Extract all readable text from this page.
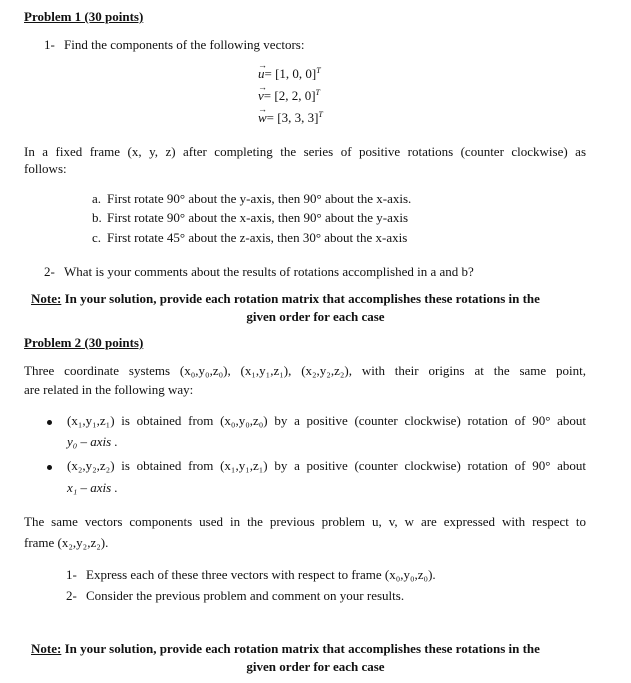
Problem 1 (30 points)
1- Find the components of the following vectors:
→ u= [1, 0, 0]$^T$
→ v= [2, 2, 0]$^T$
→ w= [3, 3, 3]$^T$
In a fixed frame (x, y, z) after completing the series of positive rotations (counter clockwise) as
follows:
a. First rotate 90° about the y-axis, then 90° about the x-axis.
b. First rotate 90° about the x-axis, then 90° about the y-axis
c. First rotate 45° about the z-axis, then 30° about the x-axis
2- What is your comments about the results of rotations accomplished in a and b?
Note: In your solution, provide each rotation matrix that accomplishes these rotations in the
given order for each case
Problem 2 (30 points)
Three coordinate systems (x₀,y₀,z₀), (x₁,y₁,z₁), (x₂,y₂,z₂), with their origins at the same point,
are related in the following way:
(x₁,y₁,z₁) is obtained from (x₀,y₀,z₀) by a positive (counter clockwise) rotation of 90° about
y₀ – axis .
(x₂,y₂,z₂) is obtained from (x₁,y₁,z₁) by a positive (counter clockwise) rotation of 90° about
x₁ – axis .
The same vectors components used in the previous problem u, v, w are expressed with respect to
frame (x₂,y₂,z₂).
1- Express each of these three vectors with respect to frame (x₀,y₀,z₀).
2- Consider the previous problem and comment on your results.
Note: In your solution, provide each rotation matrix that accomplishes these rotations in the
given order for each case
